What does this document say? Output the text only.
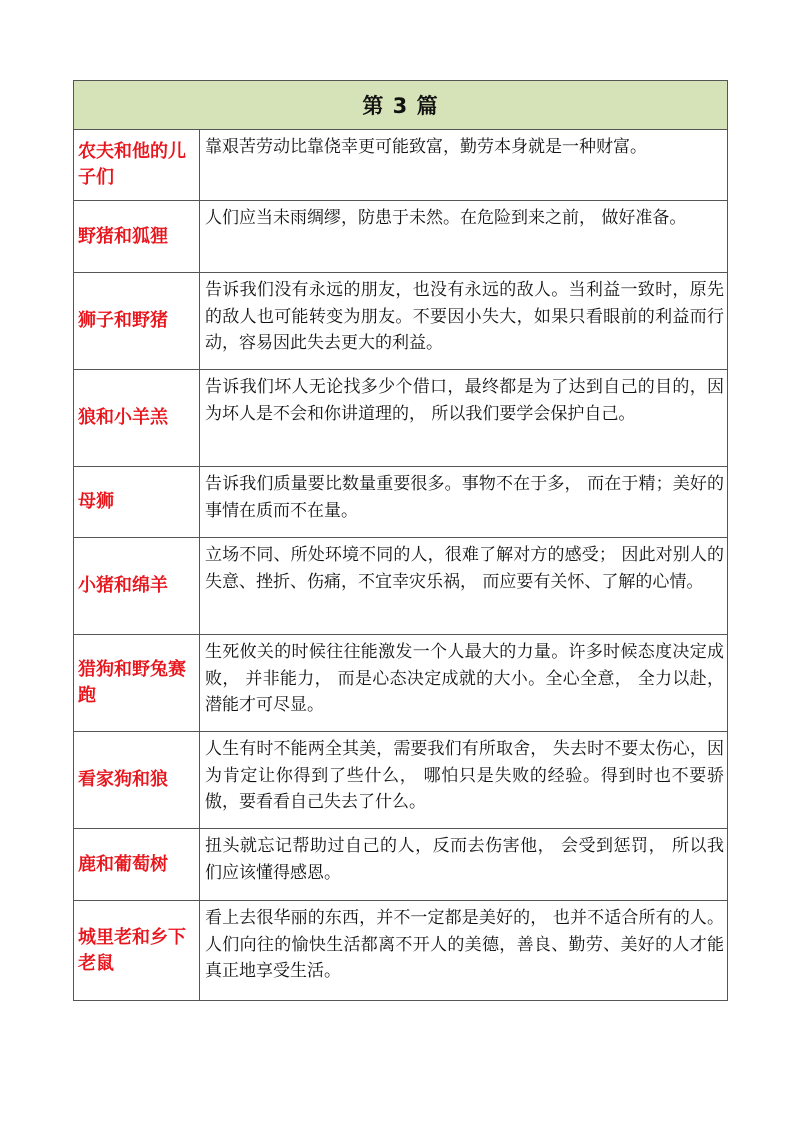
第 3 篇	
农夫和他的儿子们	靠艰苦劳动比靠侥幸更可能致富，勤劳本身就是一种财富。
野猪和狐狸	人们应当未雨绸缪，防患于未然。在危险到来之前， 做好准备。
狮子和野猪	告诉我们没有永远的朋友，也没有永远的敌人。当利益一致时，原先的敌人也可能转变为朋友。不要因小失大，如果只看眼前的利益而行动，容易因此失去更大的利益。
狼和小羊羔	告诉我们坏人无论找多少个借口，最终都是为了达到自己的目的，因为坏人是不会和你讲道理的， 所以我们要学会保护自己。
母狮	告诉我们质量要比数量重要很多。事物不在于多， 而在于精；美好的事情在质而不在量。
小猪和绵羊	立场不同、所处环境不同的人，很难了解对方的感受； 因此对别人的失意、挫折、伤痛，不宜幸灾乐祸， 而应要有关怀、了解的心情。
猎狗和野兔赛跑	生死攸关的时候往往能激发一个人最大的力量。许多时候态度决定成败， 并非能力， 而是心态决定成就的大小。全心全意， 全力以赴，潜能才可尽显。
看家狗和狼	人生有时不能两全其美，需要我们有所取舍， 失去时不要太伤心，因为肯定让你得到了些什么， 哪怕只是失败的经验。得到时也不要骄傲，要看看自己失去了什么。
鹿和葡萄树	扭头就忘记帮助过自己的人，反而去伤害他， 会受到惩罚， 所以我们应该懂得感恩。
城里老和乡下老鼠	看上去很华丽的东西，并不一定都是美好的， 也并不适合所有的人。人们向往的愉快生活都离不开人的美德，善良、勤劳、美好的人才能真正地享受生活。
